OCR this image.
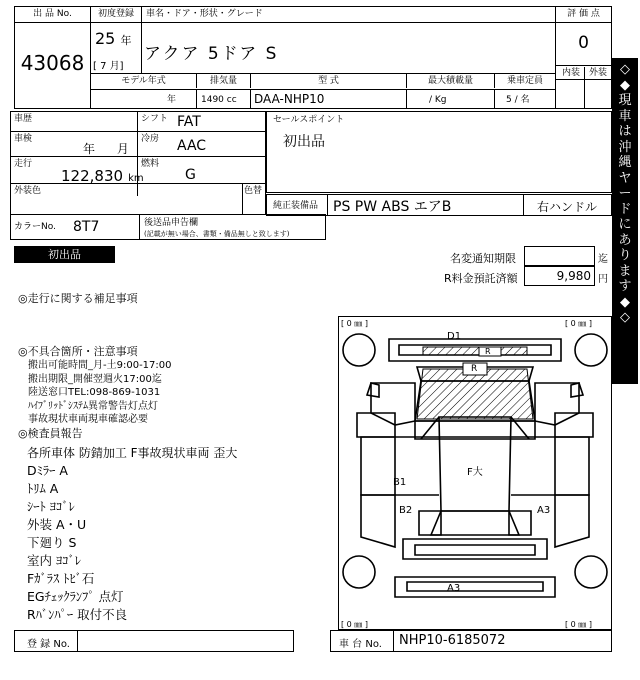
出 品 No.
43068
初度登録
25 年
[ 7 月]
車名・ドア・形状・グレード
アクア 5ドア S
評 価 点
0
内装 外装
モデル年式	排気量	型 式	最大積載量	乗車定員
年	1490 cc DAA-NHP10	/ Kg	5 / 名
車歴	シフト FAT
車検
年 月
冷房 AAC
走行
122,830 km
燃料
G
外装色	色替
カラーNo. 8T7	後送品申告欄
(記載が無い場合、書類・備品無しと致します)
セールスポイント
初出品
純正装備品 PS PW ABS エアB	右ハンドル
◇
◆
現
車
は
沖
縄
ヤ
ー
ド
に
あ
り
ま
す
◆
◇
初出品	名変通知期限	迄
R料金預託済額	9,980 円
◎走行に関する補足事項
◎不具合箇所・注意事項
搬出可能時間_月-土9:00-17:00
搬出期限_開催翌週火17:00迄
陸送窓口TEL:098-869-1031
ﾊｲﾌﾞﾘｯﾄﾞｼｽﾃﾑ異常警告灯点灯
事故現状車両現車確認必要
◎検査員報告
各所車体 防錆加工 F事故現状車両 歪大
Dﾐﾗｰ A
ﾄﾘﾑ A
ｼｰﾄ ﾖｺﾞﾚ
外装 A・U
下廻り S
室内 ﾖｺﾞﾚ
Fｶﾞﾗｽ ﾄﾋﾞ石
EGﾁｪｯｸﾗﾝﾌﾟ 点灯
Rﾊﾞﾝﾊﾟｰ 取付不良
[ 0 ㎜ ]	[ 0 ㎜ ]
[ 0 ㎜ ]	[ 0 ㎜ ]
D1
R
R
F大
B1
B2	A3
A3
登 録 No.	車 台 No. NHP10-6185072
